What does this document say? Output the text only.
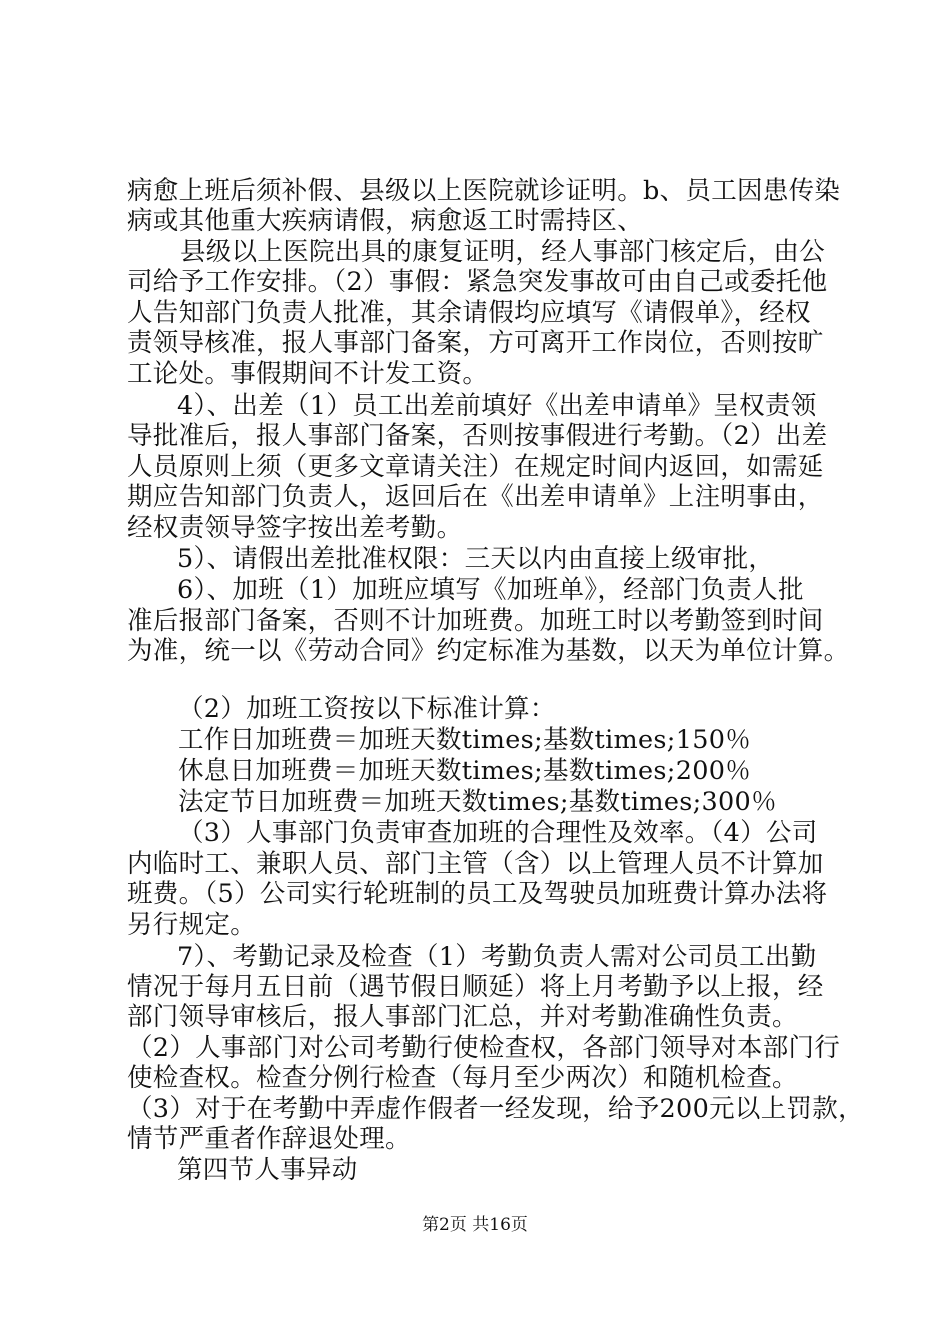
病愈上班后须补假、县级以上医院就诊证明。b、员工因患传染
病或其他重大疾病请假，病愈返工时需持区、
县级以上医院出具的康复证明，经人事部门核定后，由公
司给予工作安排。（2）事假：紧急突发事故可由自己或委托他
人告知部门负责人批准，其余请假均应填写《请假单》，经权
责领导核准，报人事部门备案，方可离开工作岗位，否则按旷
工论处。事假期间不计发工资。
4）、出差（1）员工出差前填好《出差申请单》呈权责领
导批准后，报人事部门备案，否则按事假进行考勤。（2）出差
人员原则上须（更多文章请关注）在规定时间内返回，如需延
期应告知部门负责人，返回后在《出差申请单》上注明事由，
经权责领导签字按出差考勤。
5）、请假出差批准权限：三天以内由直接上级审批，
6）、加班（1）加班应填写《加班单》，经部门负责人批
准后报部门备案，否则不计加班费。加班工时以考勤签到时间
为准，统一以《劳动合同》约定标准为基数，以天为单位计算。
（2）加班工资按以下标准计算：
工作日加班费＝加班天数times;基数times;150％
休息日加班费＝加班天数times;基数times;200％
法定节日加班费＝加班天数times;基数times;300％
（3）人事部门负责审查加班的合理性及效率。（4）公司
内临时工、兼职人员、部门主管（含）以上管理人员不计算加
班费。（5）公司实行轮班制的员工及驾驶员加班费计算办法将
另行规定。
7）、考勤记录及检查（1）考勤负责人需对公司员工出勤
情况于每月五日前（遇节假日顺延）将上月考勤予以上报，经
部门领导审核后，报人事部门汇总，并对考勤准确性负责。
（2）人事部门对公司考勤行使检查权，各部门领导对本部门行
使检查权。检查分例行检查（每月至少两次）和随机检查。
（3）对于在考勤中弄虚作假者一经发现，给予200元以上罚款，
情节严重者作辞退处理。
第四节人事异动
第2页 共16页
